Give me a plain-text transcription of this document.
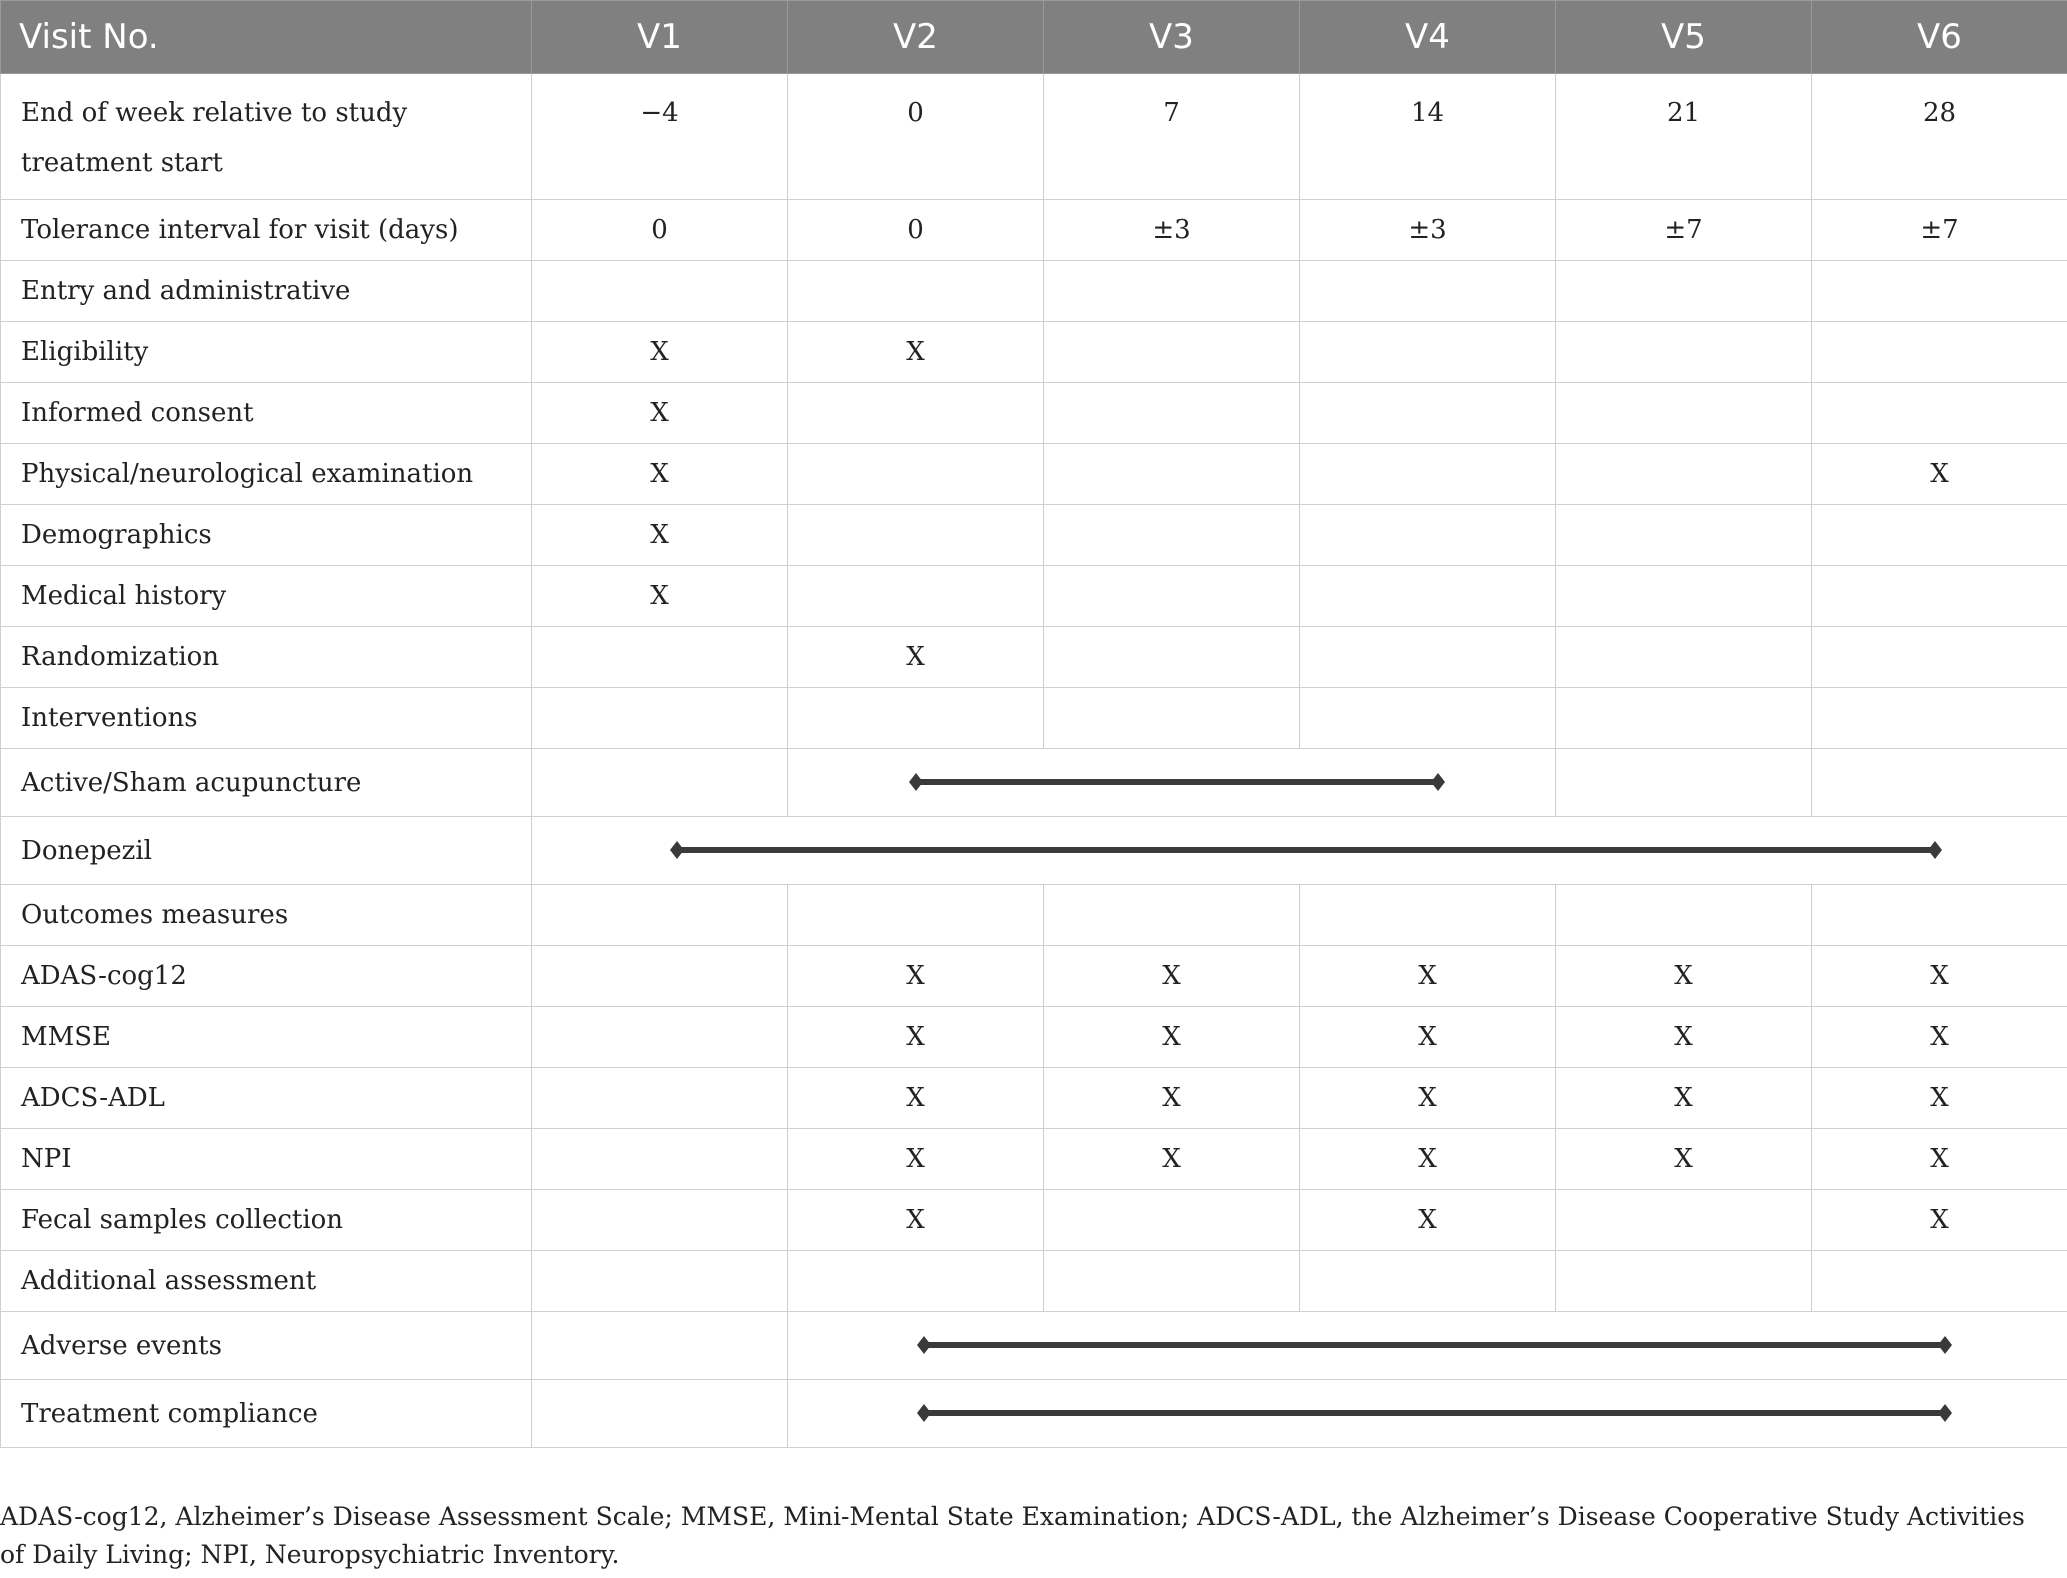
Visit No.	V1	V2	V3	V4	V5	V6
End of week relative to study treatment start	−4	0	7	14	21	28
Tolerance interval for visit (days)	0	0	±3	±3	±7	±7
Entry and administrative						
Eligibility	X	X				
Informed consent	X					
Physical/neurological examination	X					X
Demographics	X					
Medical history	X					
Randomization		X				
Interventions						
Active/Sham acupuncture		

Donepezil	

Outcomes measures						
ADAS-cog12		X	X	X	X	X
MMSE		X	X	X	X	X
ADCS-ADL		X	X	X	X	X
NPI		X	X	X	X	X
Fecal samples collection		X		X		X
Additional assessment						
Adverse events		

Treatment compliance		
ADAS-cog12, Alzheimer’s Disease Assessment Scale; MMSE, Mini-Mental State Examination; ADCS-ADL, the Alzheimer’s Disease Cooperative Study Activities of Daily Living; NPI, Neuropsychiatric Inventory.
